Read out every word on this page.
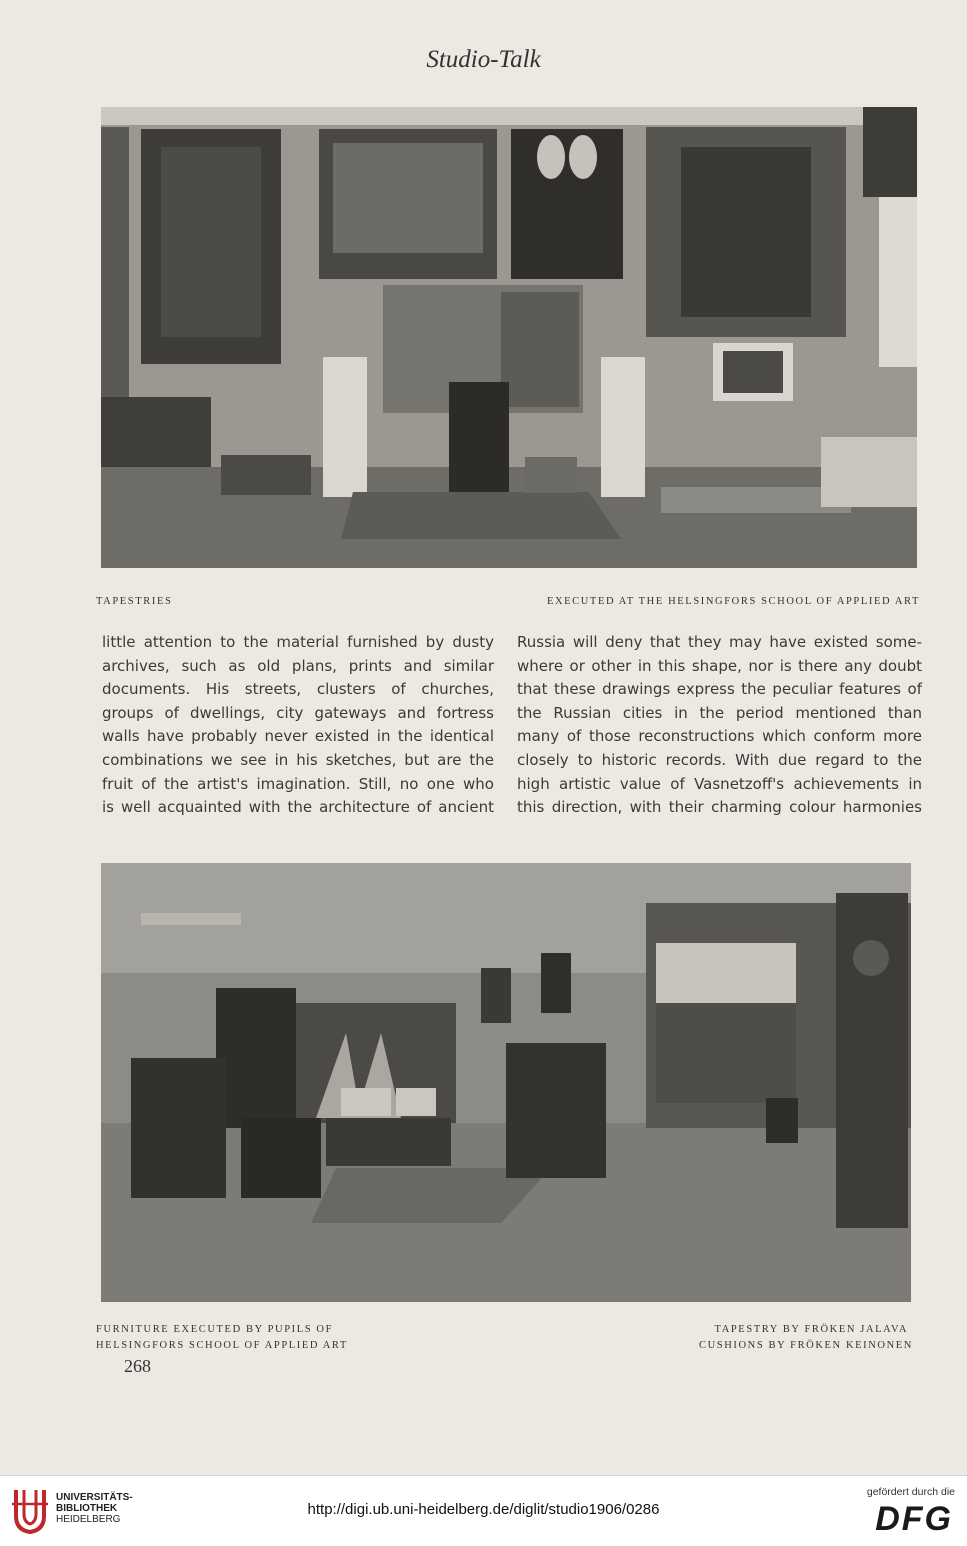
Studio-Talk
TAPESTRIES	EXECUTED AT THE HELSINGFORS SCHOOL OF APPLIED ART
little attention to the material furnished by dusty
archives, such as old plans, prints and similar
documents. His streets, clusters of churches,
groups of dwellings, city gateways and fortress
walls have probably never existed in the identical
combinations we see in his sketches, but are the
fruit of the artist's imagination. Still, no one who
is well acquainted with the architecture of ancient
Russia will deny that they may have existed some-
where or other in this shape, nor is there any doubt
that these drawings express the peculiar features of
the Russian cities in the period mentioned than
many of those reconstructions which conform more
closely to historic records. With due regard to the
high artistic value of Vasnetzoff's achievements in
this direction, with their charming colour harmonies
FURNITURE EXECUTED BY PUPILS OF
HELSINGFORS SCHOOL OF APPLIED ART
TAPESTRY BY FRÖKEN JALAVA
CUSHIONS BY FRÖKEN KEINONEN
268
UNIVERSITÄTS-
BIBLIOTHEK
HEIDELBERG
http://digi.ub.uni-heidelberg.de/diglit/studio1906/0286
gefördert durch die
DFG
